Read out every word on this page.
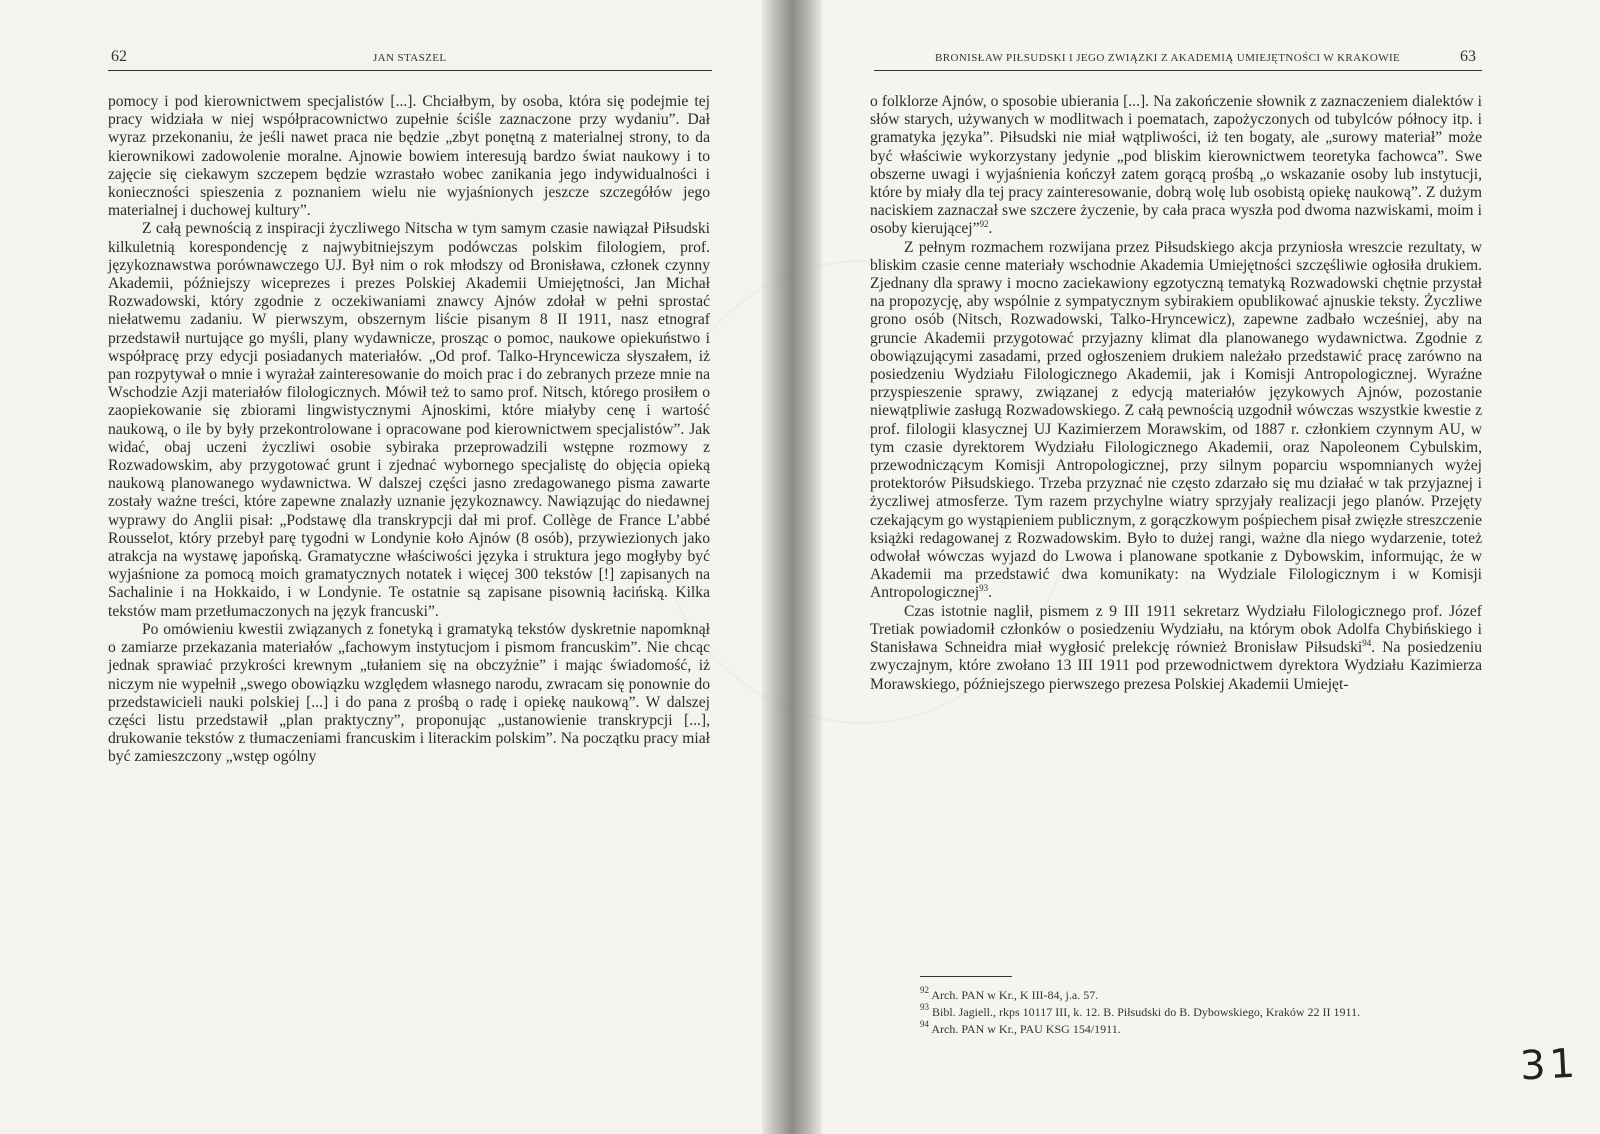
62	JAN STASZEL

pomocy i pod kierownictwem specjalistów [...]. Chciałbym, by osoba, która się podejmie tej pracy widziała w niej współpracownictwo zupełnie ściśle zaznaczone przy wydaniu”. Dał wyraz przekonaniu, że jeśli nawet praca nie będzie „zbyt ponętną z materialnej strony, to da kierownikowi zadowolenie moralne. Ajnowie bowiem interesują bardzo świat naukowy i to zajęcie się ciekawym szczepem będzie wzrastało wobec zanikania jego indywidualności i konieczności spieszenia z poznaniem wielu nie wyjaśnionych jeszcze szczegółów jego materialnej i duchowej kultury”.

Z całą pewnością z inspiracji życzliwego Nitscha w tym samym czasie nawiązał Piłsudski kilkuletnią korespondencję z najwybitniejszym podówczas polskim filologiem, prof. językoznawstwa porównawczego UJ. Był nim o rok młodszy od Bronisława, członek czynny Akademii, późniejszy wiceprezes i prezes Polskiej Akademii Umiejętności, Jan Michał Rozwadowski, który zgodnie z oczekiwaniami znawcy Ajnów zdołał w pełni sprostać niełatwemu zadaniu. W pierwszym, obszernym liście pisanym 8 II 1911, nasz etnograf przedstawił nurtujące go myśli, plany wydawnicze, prosząc o pomoc, naukowe opiekuństwo i współpracę przy edycji posiadanych materiałów. „Od prof. Talko-Hryncewicza słyszałem, iż pan rozpytywał o mnie i wyrażał zainteresowanie do moich prac i do zebranych przeze mnie na Wschodzie Azji materiałów filologicznych. Mówił też to samo prof. Nitsch, którego prosiłem o zaopiekowanie się zbiorami lingwistycznymi Ajnoskimi, które miałyby cenę i wartość naukową, o ile by były przekontrolowane i opracowane pod kierownictwem specjalistów”. Jak widać, obaj uczeni życzliwi osobie sybiraka przeprowadzili wstępne rozmowy z Rozwadowskim, aby przygotować grunt i zjednać wybornego specjalistę do objęcia opieką naukową planowanego wydawnictwa. W dalszej części jasno zredagowanego pisma zawarte zostały ważne treści, które zapewne znalazły uznanie językoznawcy. Nawiązując do niedawnej wyprawy do Anglii pisał: „Podstawę dla transkrypcji dał mi prof. Collège de France L’abbé Rousselot, który przebył parę tygodni w Londynie koło Ajnów (8 osób), przywiezionych jako atrakcja na wystawę japońską. Gramatyczne właściwości języka i struktura jego mogłyby być wyjaśnione za pomocą moich gramatycznych notatek i więcej 300 tekstów [!] zapisanych na Sachalinie i na Hokkaido, i w Londynie. Te ostatnie są zapisane pisownią łacińską. Kilka tekstów mam przetłumaczonych na język francuski”.

Po omówieniu kwestii związanych z fonetyką i gramatyką tekstów dyskretnie napomknął o zamiarze przekazania materiałów „fachowym instytucjom i pismom francuskim”. Nie chcąc jednak sprawiać przykrości krewnym „tułaniem się na obczyźnie” i mając świadomość, iż niczym nie wypełnił „swego obowiązku względem własnego narodu, zwracam się ponownie do przedstawicieli nauki polskiej [...] i do pana z prośbą o radę i opiekę naukową”. W dalszej części listu przedstawił „plan praktyczny”, proponując „ustanowienie transkrypcji [...], drukowanie tekstów z tłumaczeniami francuskim i literackim polskim”. Na początku pracy miał być zamieszczony „wstęp ogólny

BRONISŁAW PIŁSUDSKI I JEGO ZWIĄZKI Z AKADEMIĄ UMIEJĘTNOŚCI W KRAKOWIE	63

o folklorze Ajnów, o sposobie ubierania [...]. Na zakończenie słownik z zaznaczeniem dialektów i słów starych, używanych w modlitwach i poematach, zapożyczonych od tubylców północy itp. i gramatyka języka”. Piłsudski nie miał wątpliwości, iż ten bogaty, ale „surowy materiał” może być właściwie wykorzystany jedynie „pod bliskim kierownictwem teoretyka fachowca”. Swe obszerne uwagi i wyjaśnienia kończył zatem gorącą prośbą „o wskazanie osoby lub instytucji, które by miały dla tej pracy zainteresowanie, dobrą wolę lub osobistą opiekę naukową”. Z dużym naciskiem zaznaczał swe szczere życzenie, by cała praca wyszła pod dwoma nazwiskami, moim i osoby kierującej”$^{92}$.

Z pełnym rozmachem rozwijana przez Piłsudskiego akcja przyniosła wreszcie rezultaty, w bliskim czasie cenne materiały wschodnie Akademia Umiejętności szczęśliwie ogłosiła drukiem. Zjednany dla sprawy i mocno zaciekawiony egzotyczną tematyką Rozwadowski chętnie przystał na propozycję, aby wspólnie z sympatycznym sybirakiem opublikować ajnuskie teksty. Życzliwe grono osób (Nitsch, Rozwadowski, Talko-Hryncewicz), zapewne zadbało wcześniej, aby na gruncie Akademii przygotować przyjazny klimat dla planowanego wydawnictwa. Zgodnie z obowiązującymi zasadami, przed ogłoszeniem drukiem należało przedstawić pracę zarówno na posiedzeniu Wydziału Filologicznego Akademii, jak i Komisji Antropologicznej. Wyraźne przyspieszenie sprawy, związanej z edycją materiałów językowych Ajnów, pozostanie niewątpliwie zasługą Rozwadowskiego. Z całą pewnością uzgodnił wówczas wszystkie kwestie z prof. filologii klasycznej UJ Kazimierzem Morawskim, od 1887 r. członkiem czynnym AU, w tym czasie dyrektorem Wydziału Filologicznego Akademii, oraz Napoleonem Cybulskim, przewodniczącym Komisji Antropologicznej, przy silnym poparciu wspomnianych wyżej protektorów Piłsudskiego. Trzeba przyznać nie często zdarzało się mu działać w tak przyjaznej i życzliwej atmosferze. Tym razem przychylne wiatry sprzyjały realizacji jego planów. Przejęty czekającym go wystąpieniem publicznym, z gorączkowym pośpiechem pisał zwięzłe streszczenie książki redagowanej z Rozwadowskim. Było to dużej rangi, ważne dla niego wydarzenie, toteż odwołał wówczas wyjazd do Lwowa i planowane spotkanie z Dybowskim, informując, że w Akademii ma przedstawić dwa komunikaty: na Wydziale Filologicznym i w Komisji Antropologicznej$^{93}$.

Czas istotnie naglił, pismem z 9 III 1911 sekretarz Wydziału Filologicznego prof. Józef Tretiak powiadomił członków o posiedzeniu Wydziału, na którym obok Adolfa Chybińskiego i Stanisława Schneidra miał wygłosić prelekcję również Bronisław Piłsudski$^{94}$. Na posiedzeniu zwyczajnym, które zwołano 13 III 1911 pod przewodnictwem dyrektora Wydziału Kazimierza Morawskiego, późniejszego pierwszego prezesa Polskiej Akademii Umiejęt-

$^{92}$ Arch. PAN w Kr., K III-84, j.a. 57.
$^{93}$ Bibl. Jagiell., rkps 10117 III, k. 12. B. Piłsudski do B. Dybowskiego, Kraków 22 II 1911.
$^{94}$ Arch. PAN w Kr., PAU KSG 154/1911.
31
